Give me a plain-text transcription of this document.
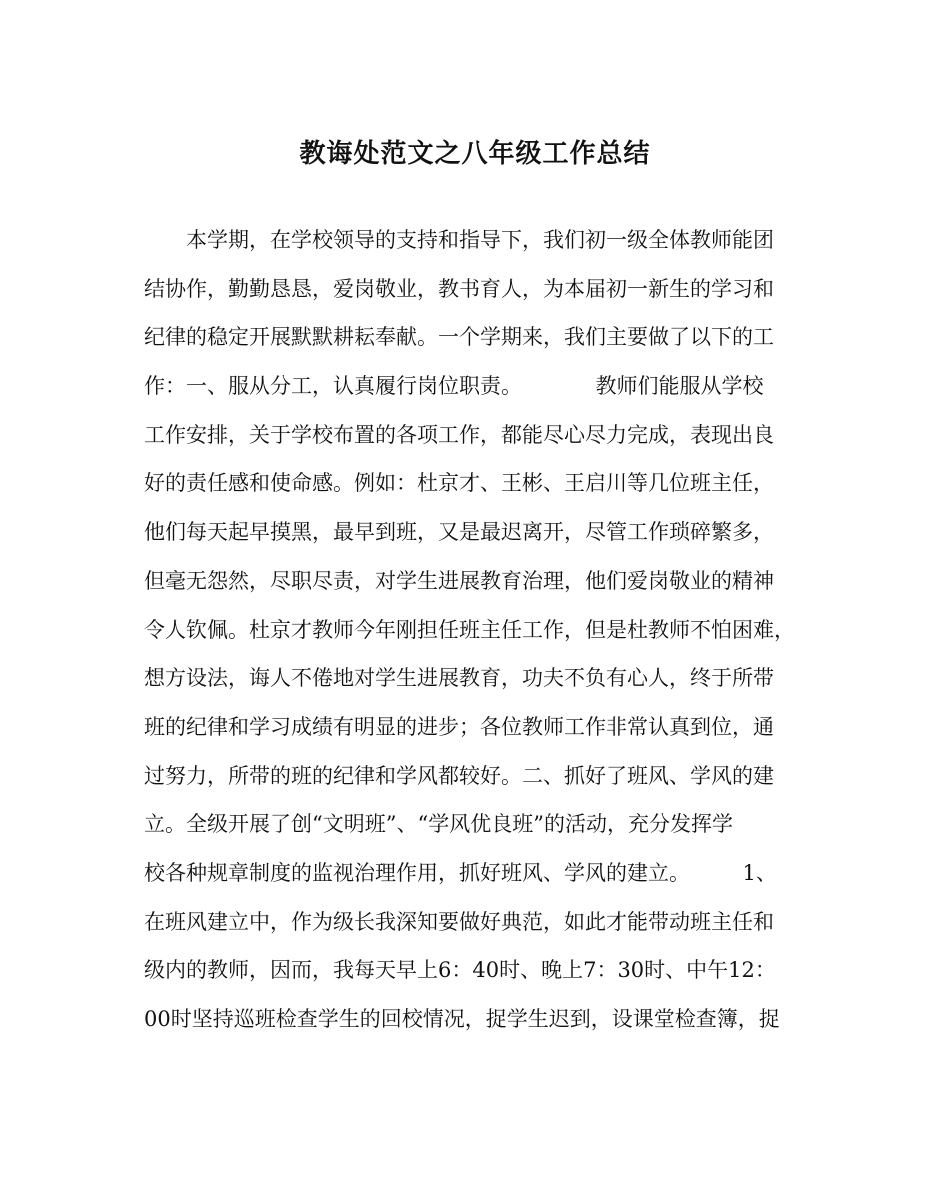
教诲处范文之八年级工作总结
　　本学期，在学校领导的支持和指导下，我们初一级全体教师能团
结协作，勤勤恳恳，爱岗敬业，教书育人，为本届初一新生的学习和
纪律的稳定开展默默耕耘奉献。一个学期来，我们主要做了以下的工
作：一、服从分工，认真履行岗位职责。　　　　教师们能服从学校
工作安排，关于学校布置的各项工作，都能尽心尽力完成，表现出良
好的责任感和使命感。例如：杜京才、王彬、王启川等几位班主任，
他们每天起早摸黑，最早到班，又是最迟离开，尽管工作琐碎繁多，
但毫无怨然，尽职尽责，对学生进展教育治理，他们爱岗敬业的精神
令人钦佩。杜京才教师今年刚担任班主任工作，但是杜教师不怕困难，
想方设法，诲人不倦地对学生进展教育，功夫不负有心人，终于所带
班的纪律和学习成绩有明显的进步；各位教师工作非常认真到位，通
过努力，所带的班的纪律和学风都较好。二、抓好了班风、学风的建
立。全级开展了创“文明班”、“学风优良班”的活动，充分发挥学
校各种规章制度的监视治理作用，抓好班风、学风的建立。　　　1、
在班风建立中，作为级长我深知要做好典范，如此才能带动班主任和
级内的教师，因而，我每天早上6：40时、晚上7：30时、中午12：
00时坚持巡班检查学生的回校情况，捉学生迟到，设课堂检查簿，捉
